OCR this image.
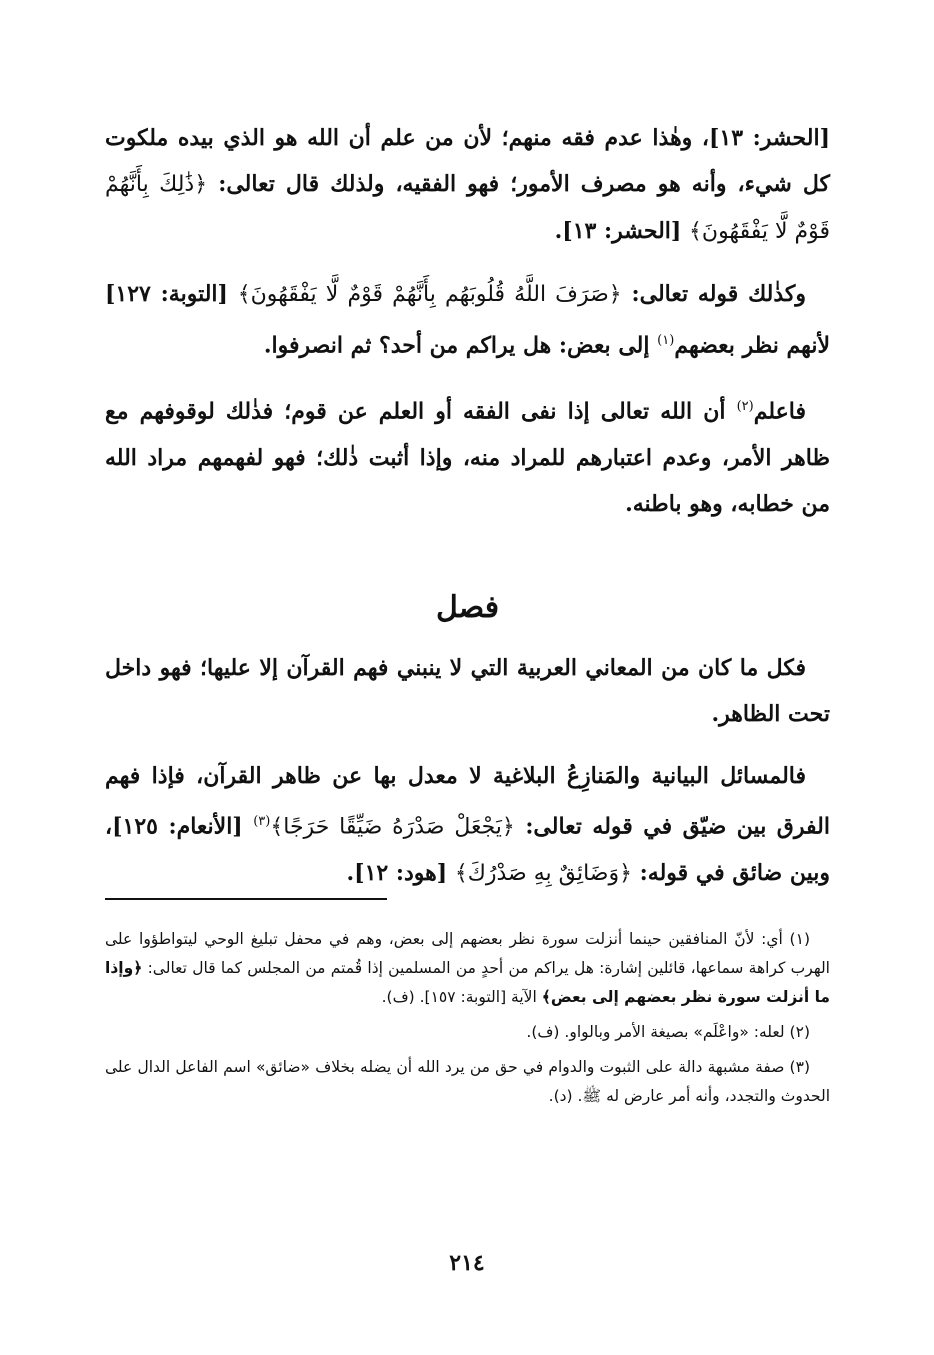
[الحشر: ١٣]، وهٰذا عدم فقه منهم؛ لأن من علم أن الله هو الذي بيده ملكوت كل شيء، وأنه هو مصرف الأمور؛ فهو الفقيه، ولذلك قال تعالى: ﴿ذَٰلِكَ بِأَنَّهُمْ قَوْمٌ لَّا يَفْقَهُونَ﴾ [الحشر: ١٣].

وكذٰلك قوله تعالى: ﴿صَرَفَ اللَّهُ قُلُوبَهُم بِأَنَّهُمْ قَوْمٌ لَّا يَفْقَهُونَ﴾ [التوبة: ١٢٧] لأنهم نظر بعضهم$^{(١)}$ إلى بعض: هل يراكم من أحد؟ ثم انصرفوا.

فاعلم$^{(٢)}$ أن الله تعالى إذا نفى الفقه أو العلم عن قوم؛ فذٰلك لوقوفهم مع ظاهر الأمر، وعدم اعتبارهم للمراد منه، وإذا أثبت ذٰلك؛ فهو لفهمهم مراد الله من خطابه، وهو باطنه.

فصل

فكل ما كان من المعاني العربية التي لا ينبني فهم القرآن إلا عليها؛ فهو داخل تحت الظاهر.

فالمسائل البيانية والمَنازِعُ البلاغية لا معدل بها عن ظاهر القرآن، فإذا فهم الفرق بين ضيّق في قوله تعالى: ﴿يَجْعَلْ صَدْرَهُ ضَيِّقًا حَرَجًا﴾$^{(٣)}$ [الأنعام: ١٢٥]، وبين ضائق في قوله: ﴿وَضَائِقٌ بِهِ صَدْرُكَ﴾ [هود: ١٢].

(١) أي: لأنّ المنافقين حينما أنزلت سورة نظر بعضهم إلى بعض، وهم في محفل تبليغ الوحي ليتواطؤوا على الهرب كراهة سماعها، قائلين إشارة: هل يراكم من أحدٍ من المسلمين إذا قُمتم من المجلس كما قال تعالى: ﴿وإذا ما أنزلت سورة نظر بعضهم إلى بعض﴾ الآية [التوبة: ١٥٧]. (ف).

(٢) لعله: «واعْلَم» بصيغة الأمر وبالواو. (ف).

(٣) صفة مشبهة دالة على الثبوت والدوام في حق من يرد الله أن يضله بخلاف «ضائق» اسم الفاعل الدال على الحدوث والتجدد، وأنه أمر عارض له ﷺ. (د).

٢١٤
